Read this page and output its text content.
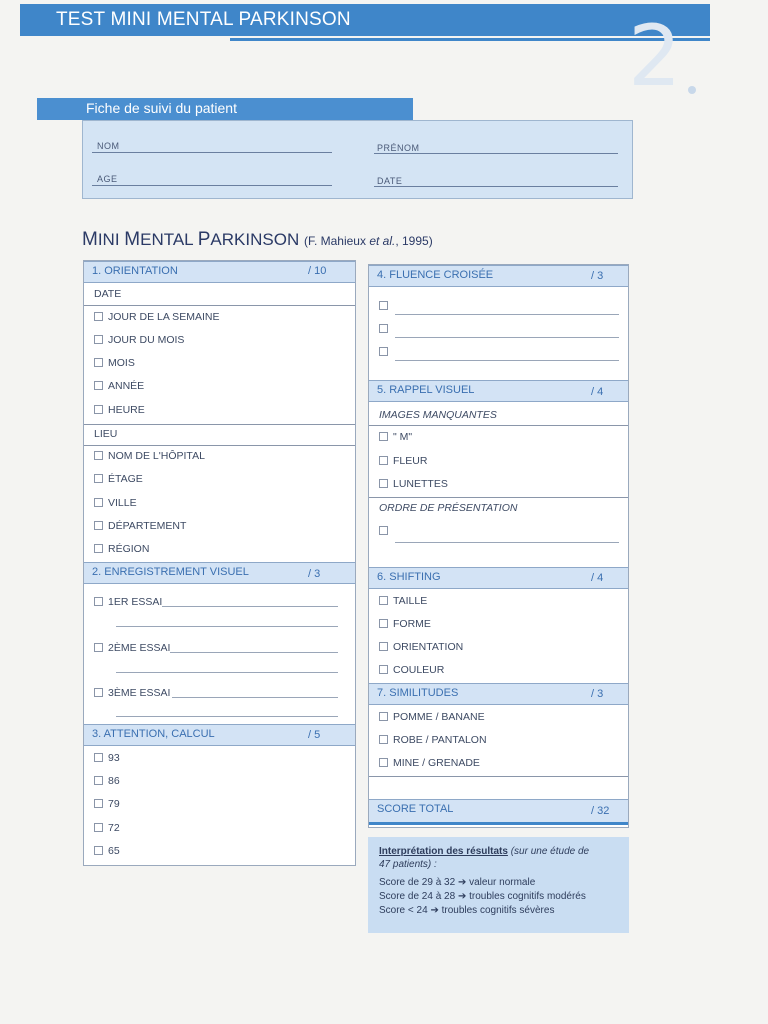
TEST MINI MENTAL PARKINSON	2
Fiche de suivi du patient
NOM	PRÉNOM
AGE	DATE
MINI MENTAL PARKINSON (F. Mahieux et al., 1995)
1. ORIENTATION	/ 10
DATE
JOUR DE LA SEMAINE
JOUR DU MOIS
MOIS
ANNÉE
HEURE
LIEU
NOM DE L'HÔPITAL
ÉTAGE
VILLE
DÉPARTEMENT
RÉGION
2. ENREGISTREMENT VISUEL	/ 3
1ER ESSAI
2ÈME ESSAI
3ÈME ESSAI
3. ATTENTION, CALCUL	/ 5
93
86
79
72
65
4. FLUENCE CROISÉE	/ 3
5. RAPPEL VISUEL	/ 4
IMAGES MANQUANTES
" M"
FLEUR
LUNETTES
ORDRE DE PRÉSENTATION
6. SHIFTING	/ 4
TAILLE
FORME
ORIENTATION
COULEUR
7. SIMILITUDES	/ 3
POMME / BANANE
ROBE / PANTALON
MINE / GRENADE
SCORE TOTAL	/ 32
Interprétation des résultats (sur une étude de
47 patients) :
Score de 29 à 32 ➔ valeur normale
Score de 24 à 28 ➔ troubles cognitifs modérés
Score < 24 ➔ troubles cognitifs sévères
